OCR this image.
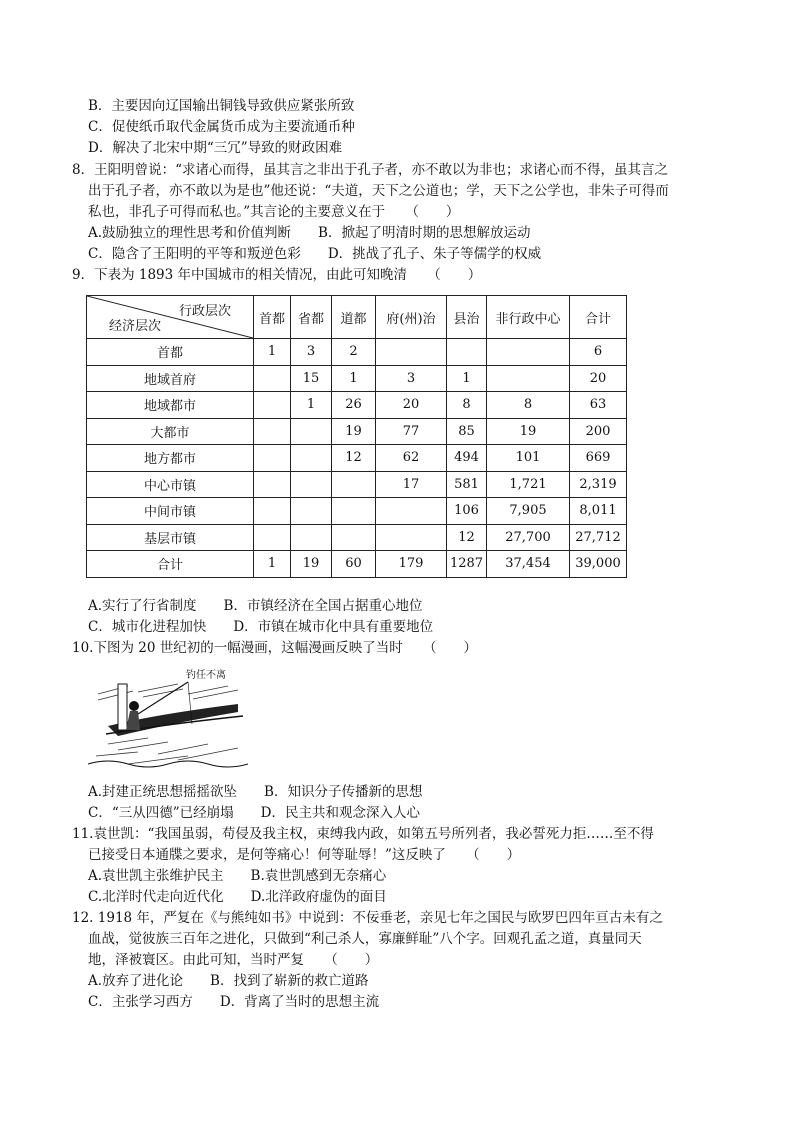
B．主要因向辽国输出铜钱导致供应紧张所致
C．促使纸币取代金属货币成为主要流通币种
D．解决了北宋中期“三冗”导致的财政困难
8．王阳明曾说：“求诸心而得，虽其言之非出于孔子者，亦不敢以为非也；求诸心而不得，虽其言之
出于孔子者，亦不敢以为是也”他还说：“夫道，天下之公道也；学，天下之公学也，非朱子可得而
私也，非孔子可得而私也。”其言论的主要意义在于　　（　　）
A.鼓励独立的理性思考和价值判断　　B．掀起了明清时期的思想解放运动
C．隐含了王阳明的平等和叛逆色彩　　D．挑战了孔子、朱子等儒学的权威
9．下表为 1893 年中国城市的相关情况，由此可知晚清　　（　　）
行政层次
经济层次	首都	省都	道都	府(州)治	县治	非行政中心	合计
首都	1	3	2				6
地域首府		15	1	3	1		20
地域都市		1	26	20	8	8	63
大都市			19	77	85	19	200
地方都市			12	62	494	101	669
中心市镇				17	581	1,721	2,319
中间市镇					106	7,905	8,011
基层市镇					12	27,700	27,712
合计	1	19	60	179	1287	37,454	39,000
A.实行了行省制度　　B．市镇经济在全国占据重心地位
C．城市化进程加快　　D．市镇在城市化中具有重要地位
10.下图为 20 世纪初的一幅漫画，这幅漫画反映了当时　　（　　）
钓任不离
A.封建正统思想摇摇欲坠　　B．知识分子传播新的思想
C．“三从四德”已经崩塌　　D．民主共和观念深入人心
11.袁世凯：“我国虽弱，苟侵及我主权，束缚我内政，如第五号所列者，我必誓死力拒……至不得
已接受日本通牒之要求，是何等痛心！何等耻辱！”这反映了　　（　　）
A.袁世凯主张维护民主　　B.袁世凯感到无奈痛心
C.北洋时代走向近代化　　D.北洋政府虚伪的面目
12. 1918 年，严复在《与熊纯如书》中说到：不佞垂老，亲见七年之国民与欧罗巴四年亘古未有之
血战，觉彼族三百年之进化，只做到“利己杀人，寡廉鲜耻”八个字。回观孔孟之道，真量同天
地，泽被寰区。由此可知，当时严复　　（　　）
A.放弃了进化论　　B．找到了崭新的救亡道路
C．主张学习西方　　D．背离了当时的思想主流
